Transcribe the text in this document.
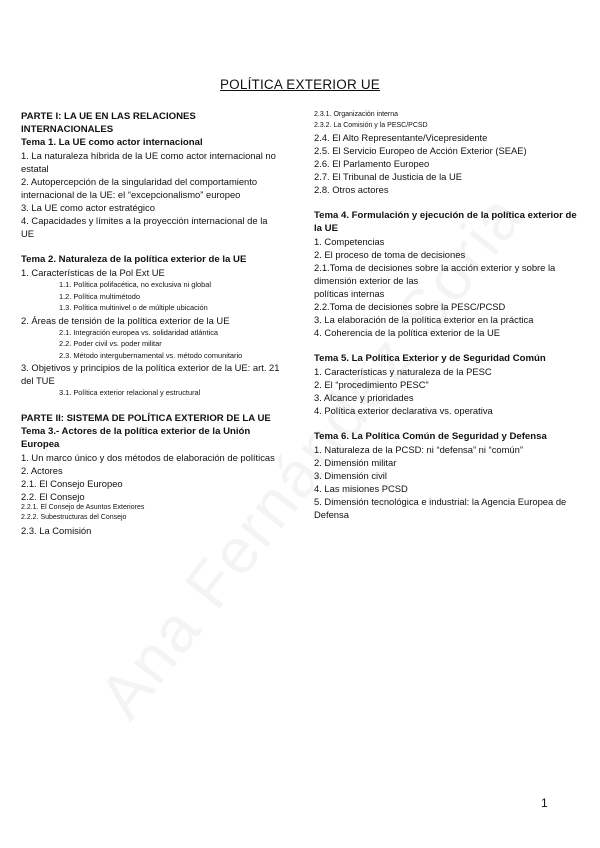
POLÍTICA EXTERIOR UE
PARTE I: LA UE EN LAS RELACIONES INTERNACIONALES
Tema 1. La UE como actor internacional
1. La naturaleza híbrida de la UE como actor internacional no estatal
2. Autopercepción de la singularidad del comportamiento internacional de la UE: el “excepcionalismo” europeo
3. La UE como actor estratégico
4. Capacidades y límites a la proyección internacional de la UE
Tema 2. Naturaleza de la política exterior de la UE
1. Características de la Pol Ext UE
1.1. Política polifacética, no exclusiva ni global
1.2. Política multimétodo
1.3. Política multinivel o de múltiple ubicación
2. Áreas de tensión de la política exterior de la UE
2.1. Integración europea vs. solidaridad atlántica
2.2. Poder civil vs. poder militar
2.3. Método intergubernamental vs. método comunitario
3. Objetivos y principios de la política exterior de la UE: art. 21 del TUE
3.1. Política exterior relacional y estructural
PARTE II: SISTEMA DE POLÍTICA EXTERIOR DE LA UE
Tema 3.- Actores de la política exterior de la Unión Europea
1. Un marco único y dos métodos de elaboración de políticas
2. Actores
2.1. El Consejo Europeo
2.2. El Consejo
2.2.1. El Consejo de Asuntos Exteriores
2.2.2. Subestructuras del Consejo
2.3. La Comisión
2.3.1. Organización interna
2.3.2. La Comisión y la PESC/PCSD
2.4. El Alto Representante/Vicepresidente
2.5. El Servicio Europeo de Acción Exterior (SEAE)
2.6. El Parlamento Europeo
2.7. El Tribunal de Justicia de la UE
2.8. Otros actores
Tema 4. Formulación y ejecución de la política exterior de la UE
1. Competencias
2. El proceso de toma de decisiones
2.1.Toma de decisiones sobre la acción exterior y sobre la dimensión exterior de las
políticas internas
2.2.Toma de decisiones sobre la PESC/PCSD
3. La elaboración de la política exterior en la práctica
4. Coherencia de la política exterior de la UE
Tema 5. La Política Exterior y de Seguridad Común
1. Características y naturaleza de la PESC
2. El “procedimiento PESC”
3. Alcance y prioridades
4. Política exterior declarativa vs. operativa
Tema 6. La Política Común de Seguridad y Defensa
1. Naturaleza de la PCSD: ni “defensa” ni “común”
2. Dimensión militar
3. Dimensión civil
4. Las misiones PCSD
5. Dimensión tecnológica e industrial: la Agencia Europea de Defensa
1
